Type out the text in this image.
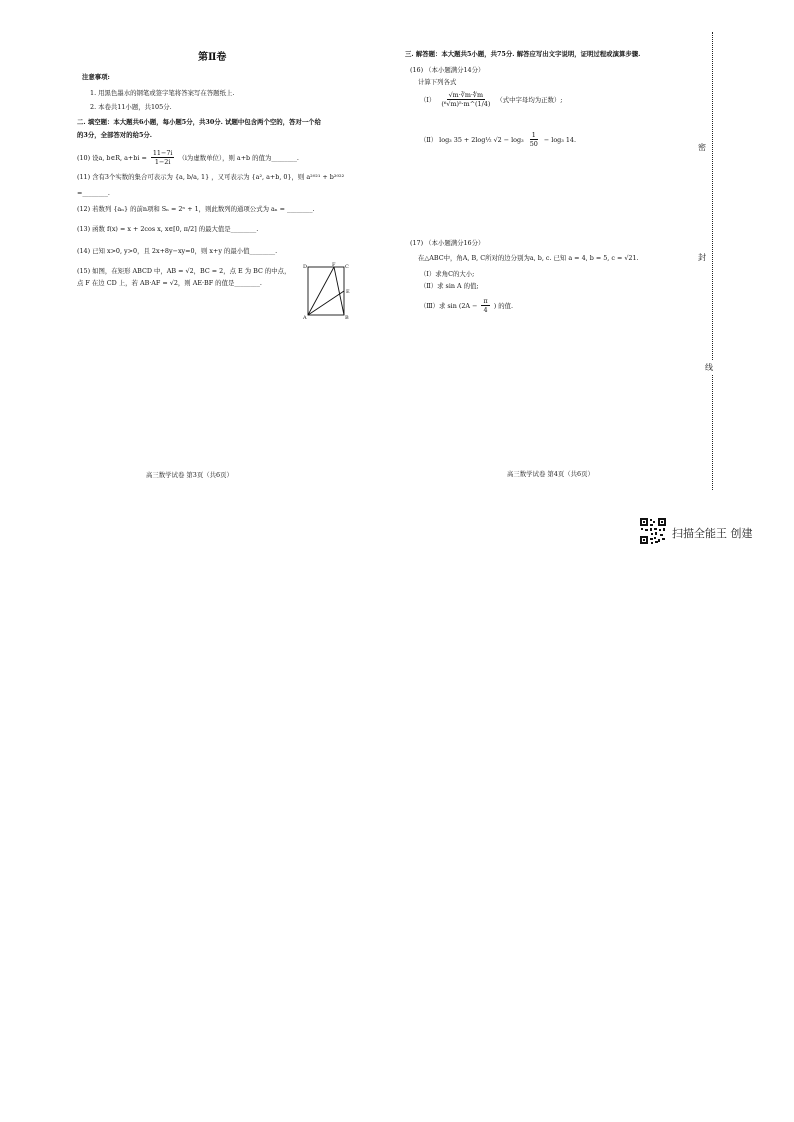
第Ⅱ卷
注意事项:
1. 用黑色墨水的钢笔或签字笔将答案写在答题纸上.
2. 本卷共11小题，共105分.
二. 填空题：本大题共6小题，每小题5分，共30分. 试题中包含两个空的，答对一个给
的3分，全部答对的给5分.
(10) 设a, b∈R, $a+bi = \frac{11-7i}{1-2i} (i$为虚数单位），则 a+b 的值为________.
(11) 含有3个实数的集合可表示为 {a, b/a, 1} ，又可表示为 {a², a+b, 0}，则 a²⁰²¹ + b²⁰²²
=________.
(12) 若数列 {aₙ} 的前n项和 Sₙ = 2ⁿ + 1，则此数列的通项公式为 aₙ = ________.
(13) 函数 f(x) = x + 2cos x, x∈[0, π/2] 的最大值是________.
(14) 已知 x>0, y>0，且 2x+8y−xy=0，则 x+y 的最小值________.
(15) 如图，在矩形 ABCD 中，AB = √2，BC = 2，点 E 为 BC 的中点，
点 F 在边 CD 上，若 AB·AF = √2，则 AE·BF 的值是________.
D	F C
E
A	B
高三数学试卷 第3页（共6页）
三. 解答题：本大题共5小题，共75分. 解答应写出文字说明，证明过程或演算步骤.
(16) （本小题满分14分）
计算下列各式
（Ⅰ） $\frac{√m\cdot∛m\cdot∜m}{\text{(⁶√m)⁵·m\textasciicircum{}(1/4)}}$ （式中字母均为正数）;
（Ⅱ） log₃ 35 + 2log½ $√2 - \log_3 \frac{1}{50} - \log_3$ 14.
(17) （本小题满分16分）
在△ABC中，角A, B, C所对的边分别为a, b, c. 已知 a = 4, b = 5, c = √21.
（Ⅰ）求角C的大小;
（Ⅱ）求 sin A 的值;
（Ⅲ）求 $\sin (2A - \frac{\pi}{4}$ ) 的值.
高三数学试卷 第4页（共6页）
密
封
线
扫描全能王 创建
